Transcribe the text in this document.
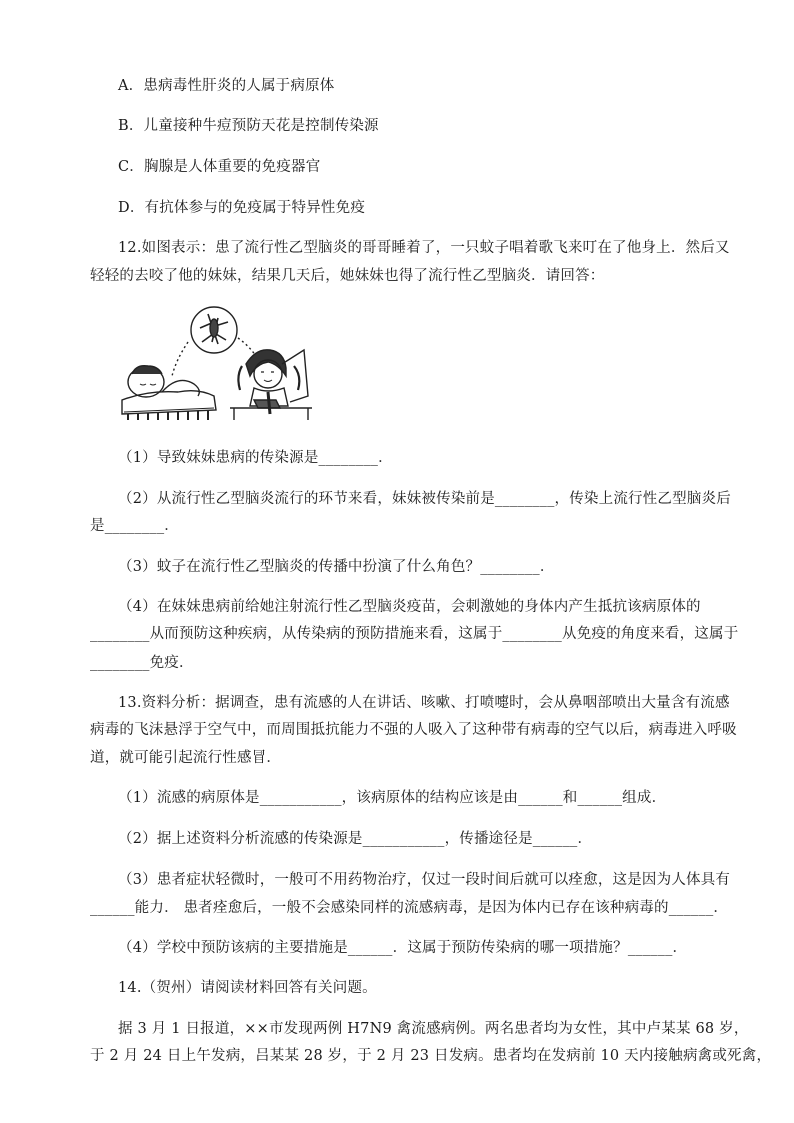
A．患病毒性肝炎的人属于病原体
B．儿童接种牛痘预防天花是控制传染源
C．胸腺是人体重要的免疫器官
D．有抗体参与的免疫属于特异性免疫
12.如图表示：患了流行性乙型脑炎的哥哥睡着了，一只蚊子唱着歌飞来叮在了他身上．然后又
轻轻的去咬了他的妹妹，结果几天后，她妹妹也得了流行性乙型脑炎．请回答：
（1）导致妹妹患病的传染源是________．
（2）从流行性乙型脑炎流行的环节来看，妹妹被传染前是________，传染上流行性乙型脑炎后
是________．
（3）蚊子在流行性乙型脑炎的传播中扮演了什么角色？________．
（4）在妹妹患病前给她注射流行性乙型脑炎疫苗，会刺激她的身体内产生抵抗该病原体的
________从而预防这种疾病，从传染病的预防措施来看，这属于________从免疫的角度来看，这属于
________免疫．
13.资料分析：据调查，患有流感的人在讲话、咳嗽、打喷嚏时，会从鼻咽部喷出大量含有流感
病毒的飞沫悬浮于空气中，而周围抵抗能力不强的人吸入了这种带有病毒的空气以后，病毒进入呼吸
道，就可能引起流行性感冒．
（1）流感的病原体是___________，该病原体的结构应该是由______和______组成．
（2）据上述资料分析流感的传染源是___________，传播途径是______．
（3）患者症状轻微时，一般可不用药物治疗，仅过一段时间后就可以痊愈，这是因为人体具有
______能力． 患者痊愈后，一般不会感染同样的流感病毒，是因为体内已存在该种病毒的______．
（4）学校中预防该病的主要措施是______．这属于预防传染病的哪一项措施？______．
14.（贺州）请阅读材料回答有关问题。
据 3 月 1 日报道，××市发现两例 H7N9 禽流感病例。两名患者均为女性，其中卢某某 68 岁，
于 2 月 24 日上午发病，吕某某 28 岁，于 2 月 23 日发病。患者均在发病前 10 天内接触病禽或死禽，
